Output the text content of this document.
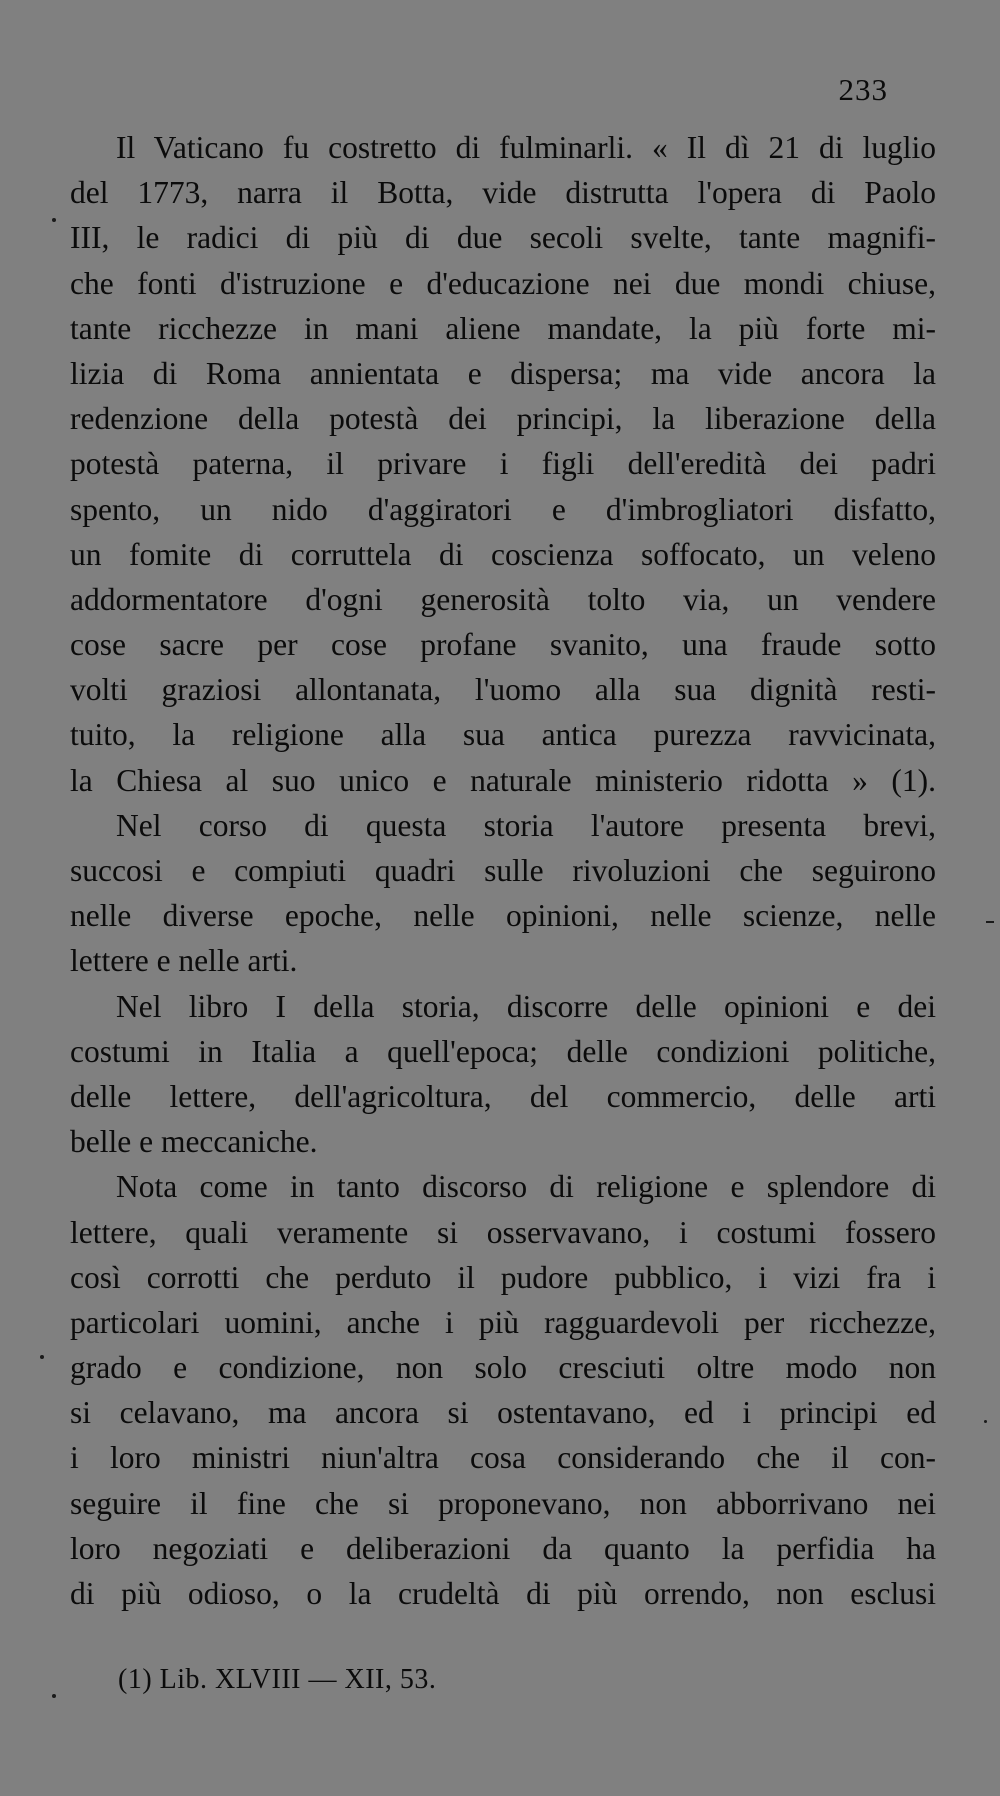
233
Il Vaticano fu costretto di fulminarli. « Il dì 21 di luglio
del 1773, narra il Botta, vide distrutta l'opera di Paolo
III, le radici di più di due secoli svelte, tante magnifi-
che fonti d'istruzione e d'educazione nei due mondi chiuse,
tante ricchezze in mani aliene mandate, la più forte mi-
lizia di Roma annientata e dispersa; ma vide ancora la
redenzione della potestà dei principi, la liberazione della
potestà paterna, il privare i figli dell'eredità dei padri
spento, un nido d'aggiratori e d'imbrogliatori disfatto,
un fomite di corruttela di coscienza soffocato, un veleno
addormentatore d'ogni generosità tolto via, un vendere
cose sacre per cose profane svanito, una fraude sotto
volti graziosi allontanata, l'uomo alla sua dignità resti-
tuito, la religione alla sua antica purezza ravvicinata,
la Chiesa al suo unico e naturale ministerio ridotta » (1).
Nel corso di questa storia l'autore presenta brevi,
succosi e compiuti quadri sulle rivoluzioni che seguirono
nelle diverse epoche, nelle opinioni, nelle scienze, nelle
lettere e nelle arti.
Nel libro I della storia, discorre delle opinioni e dei
costumi in Italia a quell'epoca; delle condizioni politiche,
delle lettere, dell'agricoltura, del commercio, delle arti
belle e meccaniche.
Nota come in tanto discorso di religione e splendore di
lettere, quali veramente si osservavano, i costumi fossero
così corrotti che perduto il pudore pubblico, i vizi fra i
particolari uomini, anche i più ragguardevoli per ricchezze,
grado e condizione, non solo cresciuti oltre modo non
si celavano, ma ancora si ostentavano, ed i principi ed
i loro ministri niun'altra cosa considerando che il con-
seguire il fine che si proponevano, non abborrivano nei
loro negoziati e deliberazioni da quanto la perfidia ha
di più odioso, o la crudeltà di più orrendo, non esclusi
(1) Lib. XLVIII — XII, 53.
